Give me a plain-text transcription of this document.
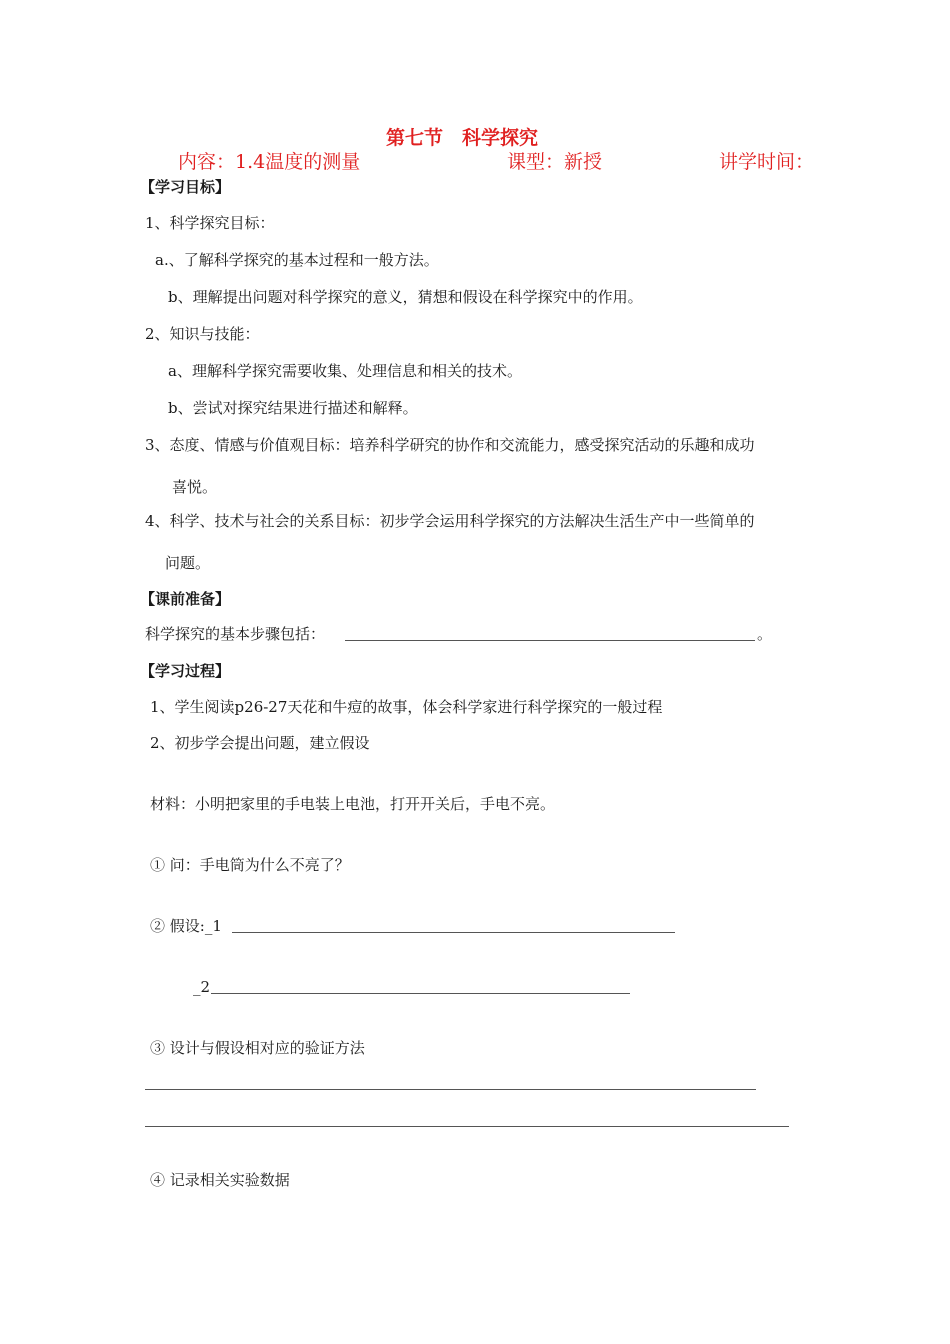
第七节　科学探究
内容：1.4温度的测量	课型：新授	讲学时间：
【学习目标】
1、科学探究目标：
a.、了解科学探究的基本过程和一般方法。
b、理解提出问题对科学探究的意义，猜想和假设在科学探究中的作用。
2、知识与技能：
a、理解科学探究需要收集、处理信息和相关的技术。
b、尝试对探究结果进行描述和解释。
3、态度、情感与价值观目标：培养科学研究的协作和交流能力，感受探究活动的乐趣和成功
喜悦。
4、科学、技术与社会的关系目标：初步学会运用科学探究的方法解决生活生产中一些简单的
问题。
【课前准备】
科学探究的基本步骤包括：	。
【学习过程】
1、学生阅读p26-27天花和牛痘的故事，体会科学家进行科学探究的一般过程
2、初步学会提出问题，建立假设
材料：小明把家里的手电装上电池，打开开关后，手电不亮。
① 问：手电筒为什么不亮了？
② 假设:_1
_2
③ 设计与假设相对应的验证方法
④ 记录相关实验数据
